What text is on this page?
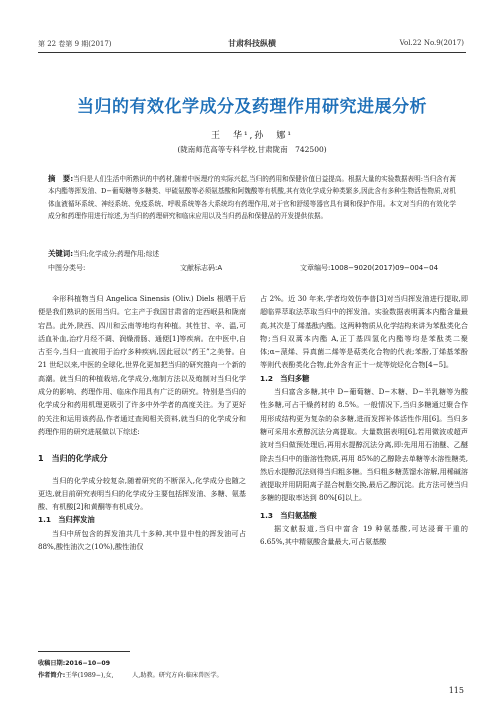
第 22 卷第 9 期(2017)	甘肃科技纵横	Vol.22 No.9(2017)
当归的有效化学成分及药理作用研究进展分析
王　华¹,孙　娜¹
(陇南师范高等专科学校,甘肃陇南　742500)
摘　要:当归是人们生活中所熟识的中药材,随着中医理疗的实际兴起,当归的药用和保健价值日益提高。根据大量的实验数据表明:当归含有蒿本内酯等挥发油、D−葡萄糖等多糖类、甲硫氨酸等必须氨基酸和阿魏酸等有机酸,其有效化学成分种类繁多,因此含有多种生物活性物质,对机体血液循环系统、神经系统、免疫系统、呼吸系统等各大系统均有药理作用,对于官和舒缓等器官具有调和保护作用。本文对当归的有效化学成分和药理作用进行综述,为当归的药理研究和临床应用以及当归药品和保健品的开发提供依据。
关键词:当归;化学成分;药理作用;综述
中图分类号:	文献标志码:A	文章编号:1008−9020(2017)09−004−04

伞形科植物当归 Angelica Sinensis (Oliv.) Diels 根晒干后便是我们熟识的医用当归。它主产于我国甘肃省的定西岷县和陇南宕昌。此外,陕西、四川和云南等地均有种植。其性甘、辛、温,可活血补血,治疗月经不调、润燥滑肠、通便[1]等疾病。在中医中,自古至今,当归一直被用于治疗多种疾病,因此冠以“药王”之美誉。自 21 世纪以来,中医的全球化,世界化更加把当归的研究推向一个新的高潮。就当归的种植栽培,化学成分,炮制方法以及炮制对当归化学成分的影响、药理作用、临床作用具有广泛的研究。特别是当归的化学成分和药用机理更吸引了许多中外学者的高度关注。为了更好的关注和运用该药品,作者通过查阅相关资料,就当归的化学成分和药理作用的研究进展做以下综述:

1　当归的化学成分

当归的化学成分较复杂,随着研究的不断深入,化学成分也随之更迭,就目前研究表明当归的化学成分主要包括挥发油、多糖、氨基酸、有机酸[2]和黄酮等有机成分。

1.1　当归挥发油

当归中所包含的挥发油共几十多种,其中显中性的挥发油可占 88%,酸性油次之(10%),酸性油仅

占 2%。近 30 年来,学者均效仿李普[3]对当归挥发油进行提取,即超临界萃取法萃取当归中的挥发油。实验数据表明蒿本内酯含量最高,其次是丁烯基酞内酯。这两种物质从化学结构来讲为苯酞类化合物;当归双蒿本内酯 A,正丁基四氢化内酯等均是苯酞类二聚体;α−蒎烯、异真菌二烯等是萜类化合物的代表;苯酚,丁烯基苯酚等则代表酚类化合物,此外含有正十一烷等烷烃化合物[4−5]。

1.2　当归多糖

当归富含多糖,其中 D−葡萄糖、D−木糖、D−半乳糖等为酸性多糖,可占干燥药材的 8.5%。一般情况下,当归多糖通过聚合作用形成结构更为复杂的杂多糖,进而发挥补体活性作用[6]。当归多糖可采用水煮醇沉法分离提取。大量数据表明[6],若用微波或超声波对当归做预处理后,再用水提醇沉法分离,即:先用用石油醚、乙醚除去当归中的脂溶性物质,再用 85%的乙醇除去单糖等水溶性糖类,然后水提醇沉法则得当归粗多糖。当归粗多糖蒸馏水溶解,用稀碱溶液提取并用阴阳离子混合树脂交换,最后乙醇沉淀。此方法可使当归多糖的提取率达到 80%[6]以上。

1.3　当归氨基酸

据文献报道,当归中富含 19 种氨基酸,可达浸膏干重的 6.65%,其中精氨酸含量最大,可占氨基酸

收稿日期:2016−10−09
作者简介:王华(1989−),女,　　　人,助教。研究方向:临床兽医学。
115
